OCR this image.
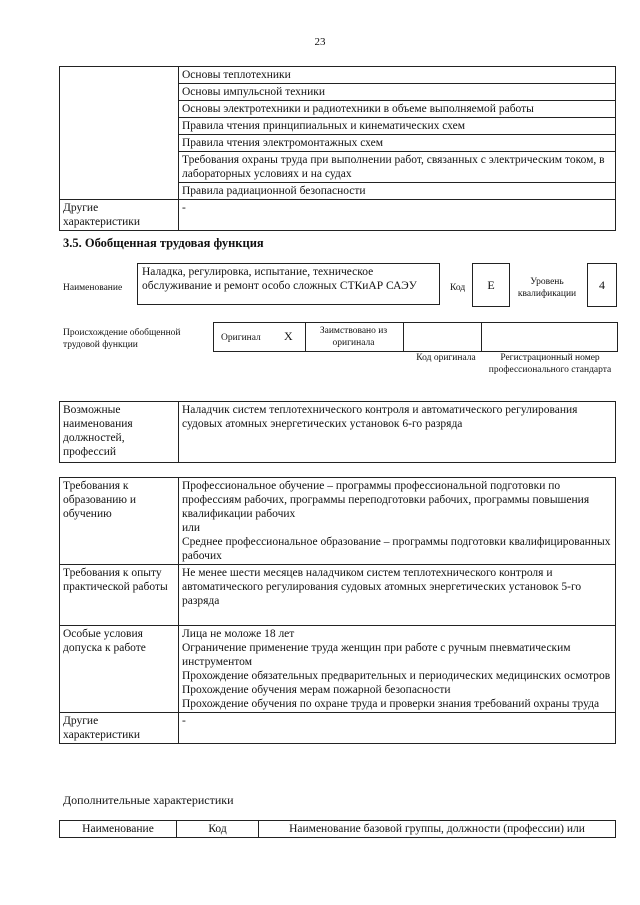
23
	Основы теплотехники
	Основы импульсной техники
	Основы электротехники и радиотехники в объеме выполняемой работы
	Правила чтения принципиальных и кинематических схем
	Правила чтения электромонтажных схем
	Требования охраны труда при выполнении работ, связанных с электрическим током, в лабораторных условиях и на судах
	Правила радиационной безопасности
Другие характеристики	-
3.5. Обобщенная трудовая функция
Наименование
Наладка, регулировка, испытание, техническое обслуживание и ремонт особо сложных СТКиАР САЭУ	Код	E	Уровень квалификации
4
Происхождение обобщенной трудовой функции
Оригинал X	Заимствовано из оригинала
Код оригинала	Регистрационный номер профессионального стандарта
Возможные наименования должностей, профессий	Наладчик систем теплотехнического контроля и автоматического регулирования судовых атомных энергетических установок 6-го разряда
Требования к образованию и обучению	Профессиональное обучение – программы профессиональной подготовки по профессиям рабочих, программы переподготовки рабочих, программы повышения квалификации рабочих

или

Среднее профессиональное образование – программы подготовки квалифицированных рабочих

Требования к опыту практической работы	Не менее шести месяцев наладчиком систем теплотехнического контроля и автоматического регулирования судовых атомных энергетических установок 5-го разряда
Особые условия допуска к работе	Лица не моложе 18 лет

Ограничение применение труда женщин при работе с ручным пневматическим инструментом

Прохождение обязательных предварительных и периодических медицинских осмотров

Прохождение обучения мерам пожарной безопасности

Прохождение обучения по охране труда и проверки знания требований охраны труда

Другие характеристики	-
Дополнительные характеристики
Наименование	Код	Наименование базовой группы, должности (профессии) или
